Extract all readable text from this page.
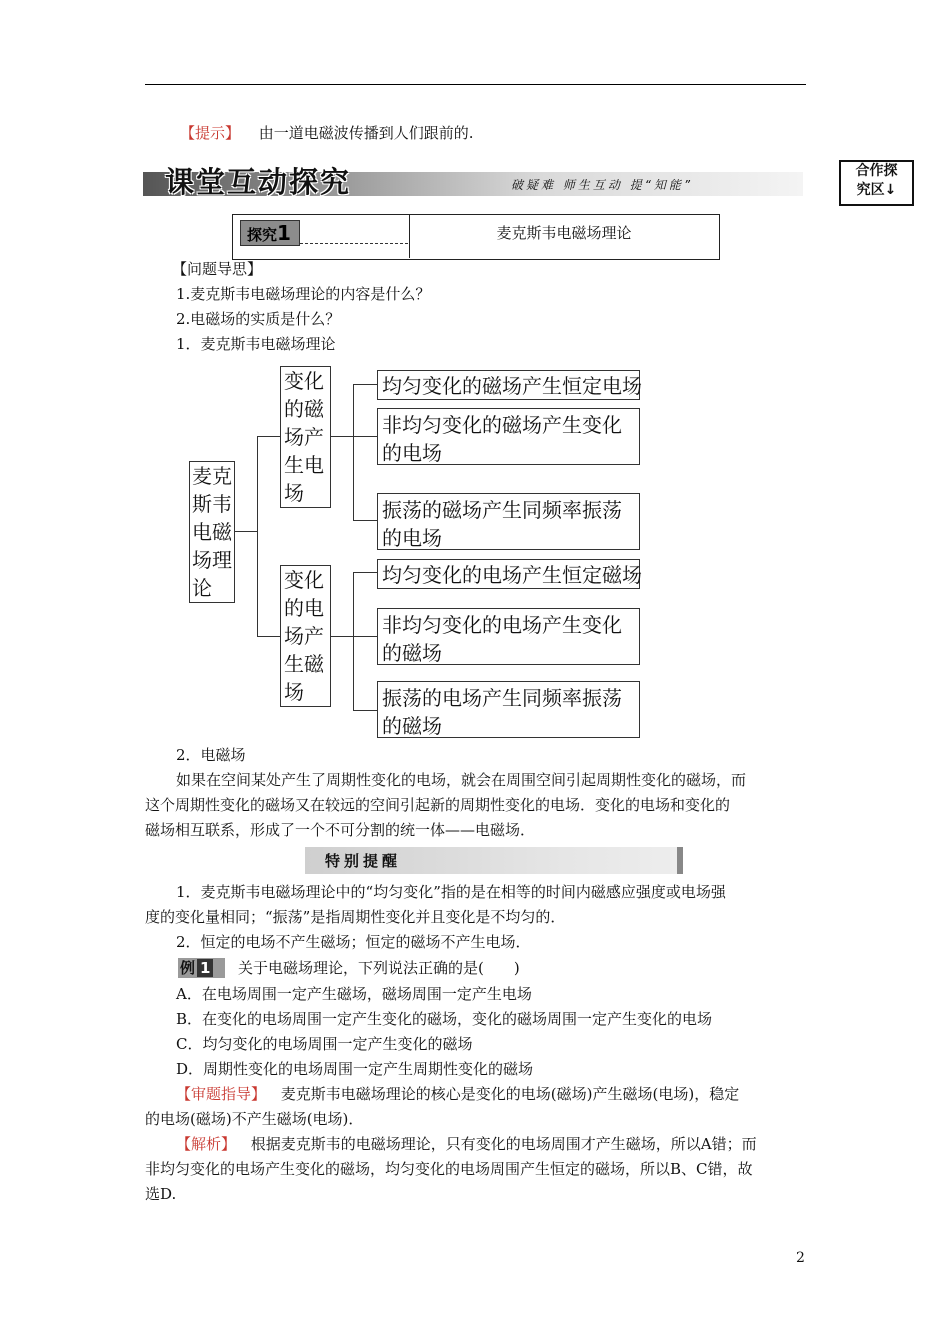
【提示】 由一道电磁波传播到人们跟前的.
课堂互动探究	破疑难 师生互动 提“知能”
合作探
究区↓
探究1	麦克斯韦电磁场理论
【问题导思】
1.麦克斯韦电磁场理论的内容是什么？
2.电磁场的实质是什么？
1．麦克斯韦电磁场理论
麦克斯韦电磁场理论
变化的磁场产生电场
变化的电场产生磁场
均匀变化的磁场产生恒定电场
非均匀变化的磁场产生变化的电场
振荡的磁场产生同频率振荡的电场
均匀变化的电场产生恒定磁场
非均匀变化的电场产生变化的磁场
振荡的电场产生同频率振荡的磁场
2．电磁场
如果在空间某处产生了周期性变化的电场，就会在周围空间引起周期性变化的磁场，而
这个周期性变化的磁场又在较远的空间引起新的周期性变化的电场．变化的电场和变化的
磁场相互联系，形成了一个不可分割的统一体——电磁场．
特别提醒
1．麦克斯韦电磁场理论中的“均匀变化”指的是在相等的时间内磁感应强度或电场强
度的变化量相同；“振荡”是指周期性变化并且变化是不均匀的．
2．恒定的电场不产生磁场；恒定的磁场不产生电场．
例 1	关于电磁场理论，下列说法正确的是(　　)
A．在电场周围一定产生磁场，磁场周围一定产生电场
B．在变化的电场周围一定产生变化的磁场，变化的磁场周围一定产生变化的电场
C．均匀变化的电场周围一定产生变化的磁场
D．周期性变化的电场周围一定产生周期性变化的磁场
【审题指导】 麦克斯韦电磁场理论的核心是变化的电场(磁场)产生磁场(电场)，稳定
的电场(磁场)不产生磁场(电场)．
【解析】 根据麦克斯韦的电磁场理论，只有变化的电场周围才产生磁场，所以A错；而
非均匀变化的电场产生变化的磁场，均匀变化的电场周围产生恒定的磁场，所以B、C错，故
选D.
2
